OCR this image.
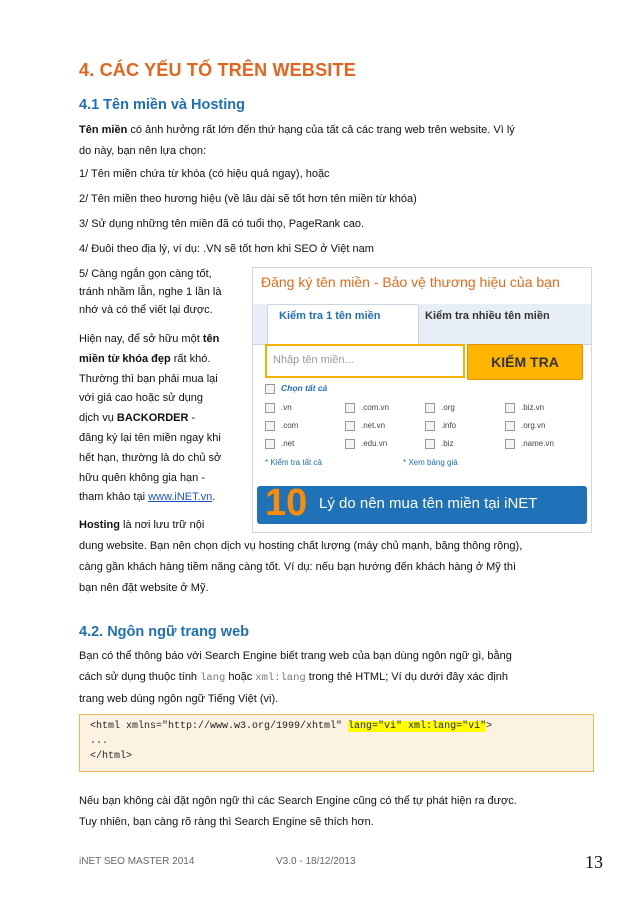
4. CÁC YẾU TỐ TRÊN WEBSITE
4.1 Tên miền và Hosting
Tên miền có ảnh hưởng rất lớn đến thứ hạng của tất cả các trang web trên website. Vì lý
do này, bạn nên lựa chọn:
1/ Tên miền chứa từ khóa (có hiệu quả ngay), hoặc
2/ Tên miền theo hương hiệu (về lâu dài sẽ tốt hơn tên miền từ khóa)
3/ Sử dụng những tên miền đã có tuổi thọ, PageRank cao.
4/ Đuôi theo địa lý, ví dụ: .VN sẽ tốt hơn khi SEO ở Việt nam
5/ Càng ngắn gọn càng tốt,
tránh nhầm lẫn, nghe 1 lần là
nhớ và có thể viết lại được.
Hiện nay, để sở hữu một tên
miền từ khóa đẹp rất khó.
Thường thì bạn phải mua lại
với giá cao hoặc sử dụng
dịch vụ BACKORDER -
đăng ký lại tên miền ngay khi
hết hạn, thường là do chủ sở
hữu quên không gia hạn -
tham khảo tại www.iNET.vn.
Đăng ký tên miền - Bảo vệ thương hiệu của bạn
Kiểm tra 1 tên miền	Kiểm tra nhiều tên miền
Nhập tên miền...	KIỂM TRA
Chọn tất cả
.vn	.com.vn	.org	.biz.vn
.com	.net.vn	.info	.org.vn
.net	.edu.vn	.biz	.name.vn
* Kiểm tra tất cả	* Xem bảng giá
10 Lý do nên mua tên miền tại iNET
Hosting là nơi lưu trữ nội
dung website. Bạn nên chọn dịch vụ hosting chất lượng (máy chủ mạnh, băng thông rộng),
càng gần khách hàng tiềm năng càng tốt. Ví dụ: nếu bạn hướng đến khách hàng ở Mỹ thì
bạn nên đặt website ở Mỹ.
4.2. Ngôn ngữ trang web
Bạn có thể thông báo với Search Engine biết trang web của bạn dùng ngôn ngữ gì, bằng
cách sử dụng thuộc tính lang hoặc xml:lang trong thẻ HTML; Ví dụ dưới đây xác định
trang web dùng ngôn ngữ Tiếng Việt (vi).
<html xmlns="http://www.w3.org/1999/xhtml" lang="vi" xml:lang="vi">
...
</html>
Nếu bạn không cài đặt ngôn ngữ thì các Search Engine cũng có thể tự phát hiện ra được.
Tuy nhiên, bạn càng rõ ràng thì Search Engine sẽ thích hơn.
iNET SEO MASTER 2014	V3.0 - 18/12/2013	13
